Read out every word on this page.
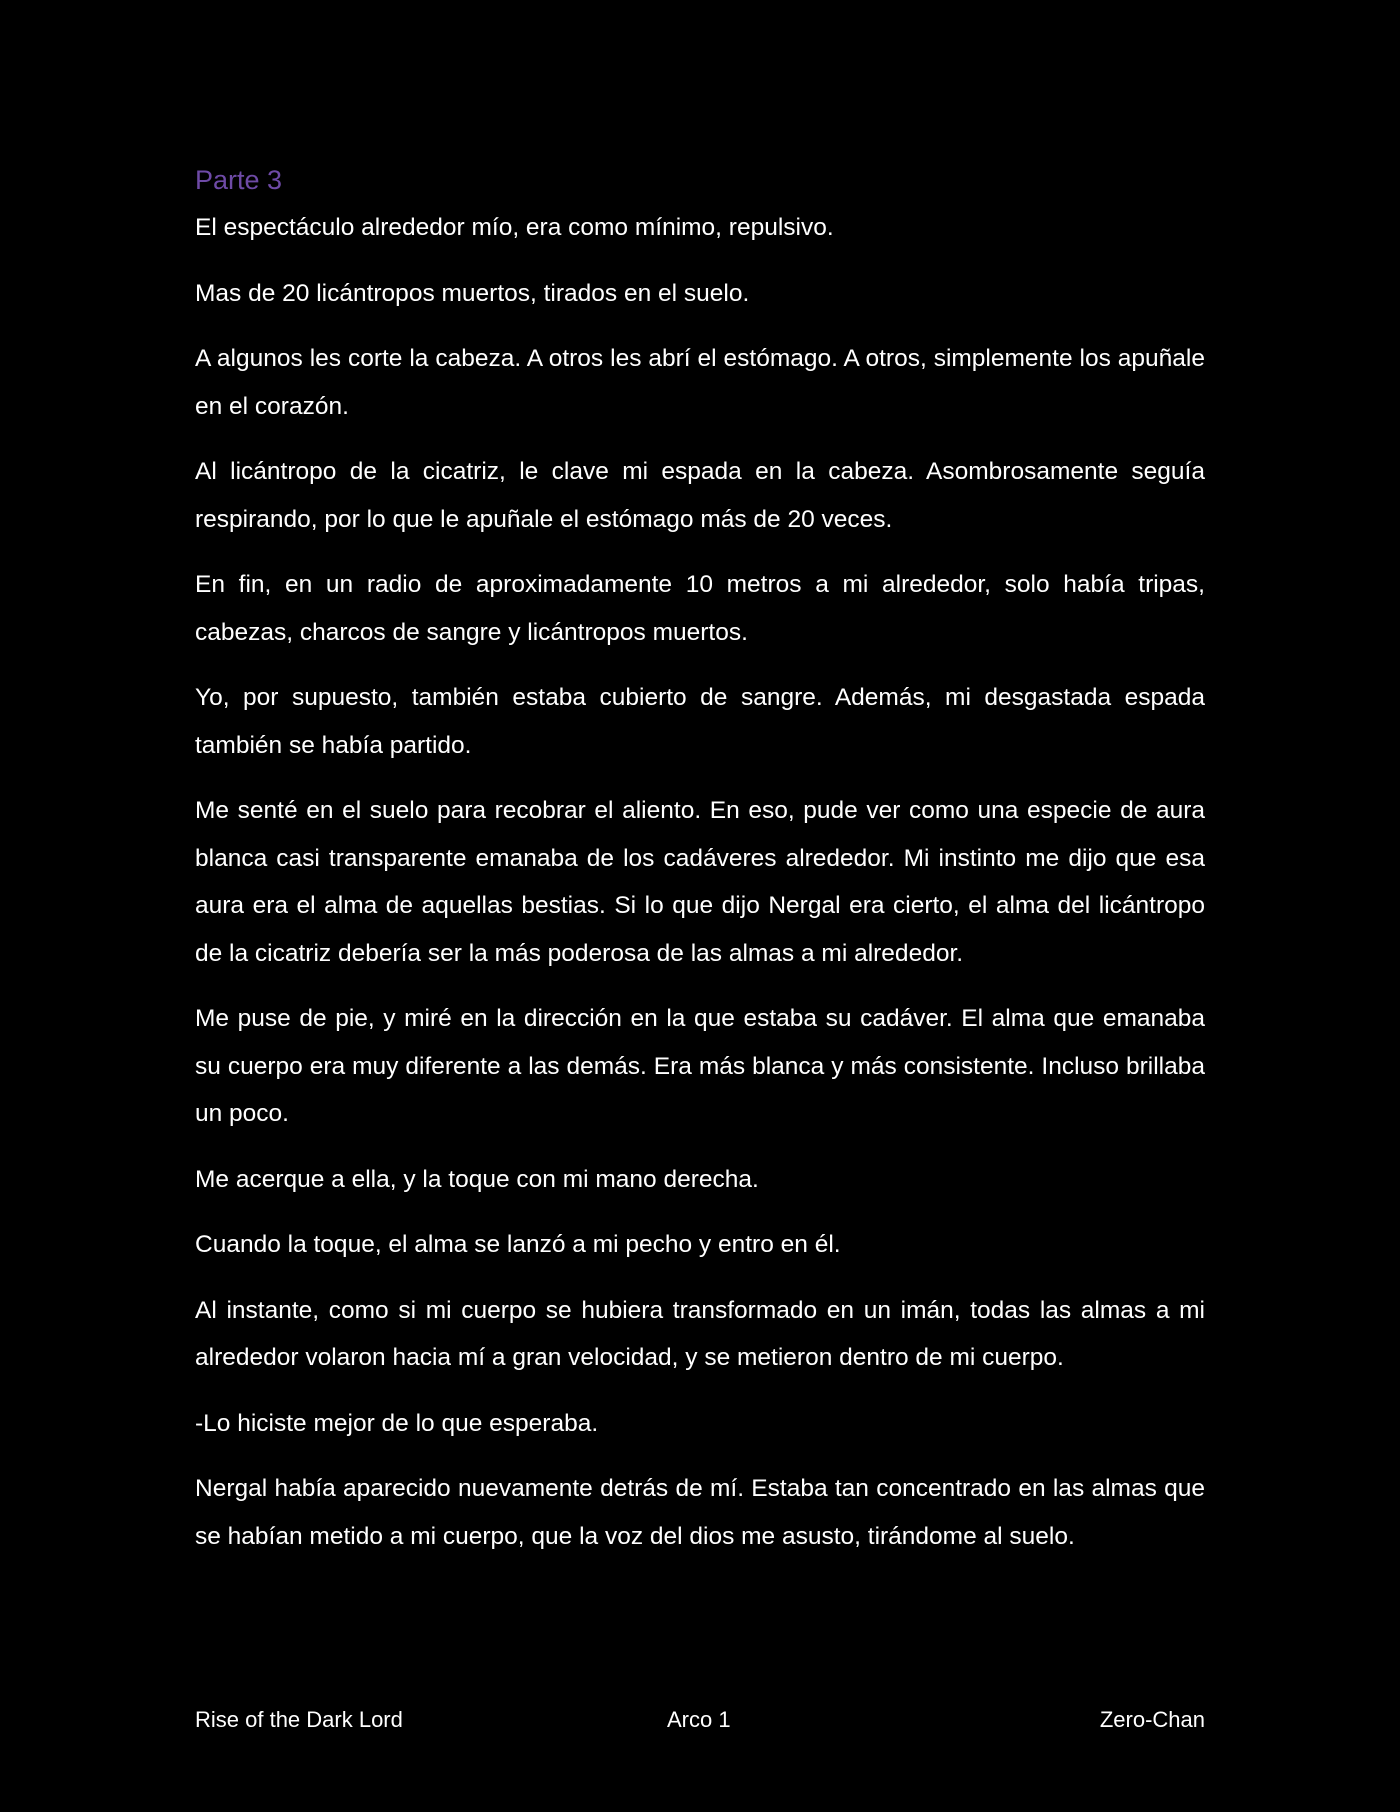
Parte 3

El espectáculo alrededor mío, era como mínimo, repulsivo.

Mas de 20 licántropos muertos, tirados en el suelo.

A algunos les corte la cabeza. A otros les abrí el estómago. A otros, simplemente los apuñale en el corazón.

Al licántropo de la cicatriz, le clave mi espada en la cabeza. Asombrosamente seguía respirando, por lo que le apuñale el estómago más de 20 veces.

En fin, en un radio de aproximadamente 10 metros a mi alrededor, solo había tripas, cabezas, charcos de sangre y licántropos muertos.

Yo, por supuesto, también estaba cubierto de sangre. Además, mi desgastada espada también se había partido.

Me senté en el suelo para recobrar el aliento. En eso, pude ver como una especie de aura blanca casi transparente emanaba de los cadáveres alrededor. Mi instinto me dijo que esa aura era el alma de aquellas bestias. Si lo que dijo Nergal era cierto, el alma del licántropo de la cicatriz debería ser la más poderosa de las almas a mi alrededor.

Me puse de pie, y miré en la dirección en la que estaba su cadáver. El alma que emanaba su cuerpo era muy diferente a las demás. Era más blanca y más consistente. Incluso brillaba un poco.

Me acerque a ella, y la toque con mi mano derecha.

Cuando la toque, el alma se lanzó a mi pecho y entro en él.

Al instante, como si mi cuerpo se hubiera transformado en un imán, todas las almas a mi alrededor volaron hacia mí a gran velocidad, y se metieron dentro de mi cuerpo.

-Lo hiciste mejor de lo que esperaba.

Nergal había aparecido nuevamente detrás de mí. Estaba tan concentrado en las almas que se habían metido a mi cuerpo, que la voz del dios me asusto, tirándome al suelo.

Rise of the Dark Lord	Arco 1	Zero-Chan
